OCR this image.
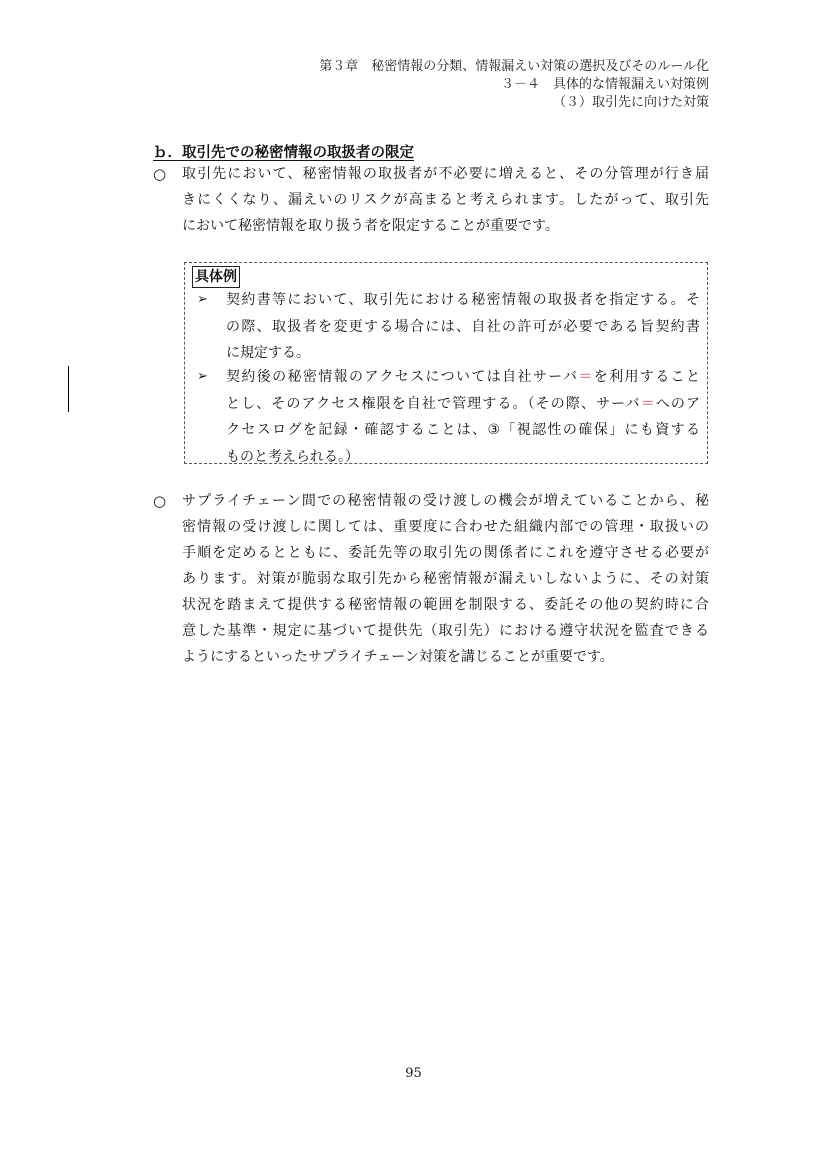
第３章　秘密情報の分類、情報漏えい対策の選択及びそのルール化
３－４　具体的な情報漏えい対策例
（３）取引先に向けた対策
ｂ．取引先での秘密情報の取扱者の限定
○ 取引先において、秘密情報の取扱者が不必要に増えると、その分管理が行き届
きにくくなり、漏えいのリスクが高まると考えられます。したがって、取引先
において秘密情報を取り扱う者を限定することが重要です。
具体例
➢ 契約書等において、取引先における秘密情報の取扱者を指定する。そ
の際、取扱者を変更する場合には、自社の許可が必要である旨契約書
に規定する。
➢ 契約後の秘密情報のアクセスについては自社サーバ＝を利用すること
とし、そのアクセス権限を自社で管理する。（その際、サーバ＝へのア
クセスログを記録・確認することは、③「視認性の確保」にも資する
ものと考えられる。）
○ サプライチェーン間での秘密情報の受け渡しの機会が増えていることから、秘
密情報の受け渡しに関しては、重要度に合わせた組織内部での管理・取扱いの
手順を定めるとともに、委託先等の取引先の関係者にこれを遵守させる必要が
あります。対策が脆弱な取引先から秘密情報が漏えいしないように、その対策
状況を踏まえて提供する秘密情報の範囲を制限する、委託その他の契約時に合
意した基準・規定に基づいて提供先（取引先）における遵守状況を監査できる
ようにするといったサプライチェーン対策を講じることが重要です。
95
